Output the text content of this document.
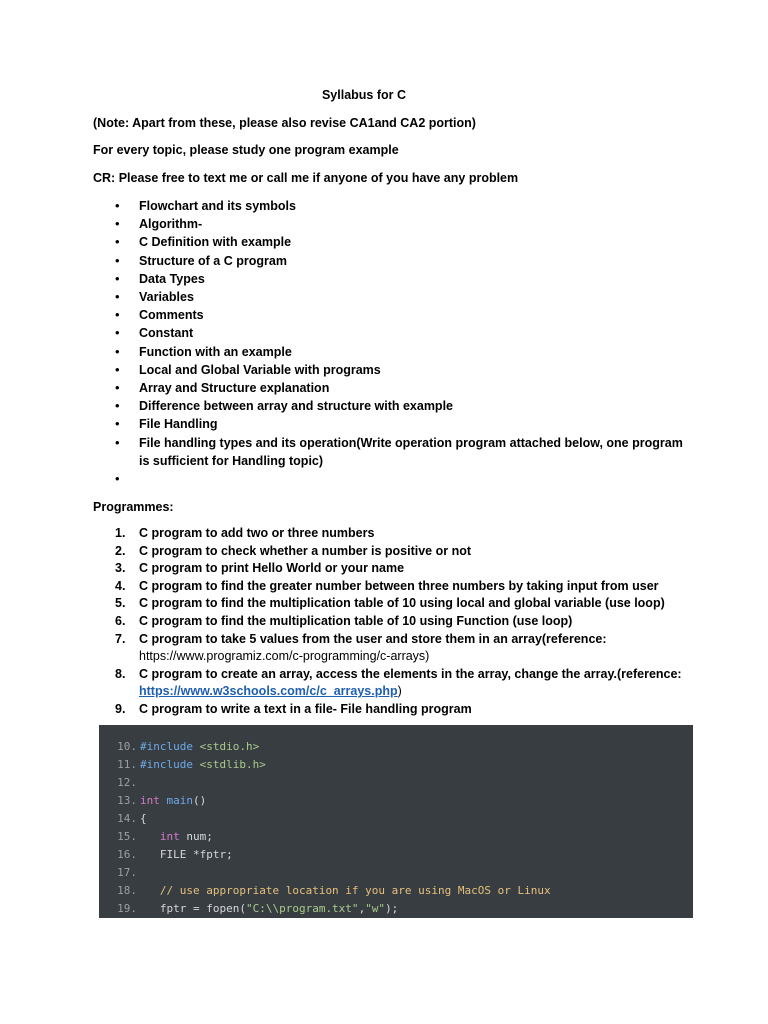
Syllabus for C
(Note: Apart from these, please also revise CA1and CA2 portion)
For every topic, please study one program example
CR: Please free to text me or call me if anyone of you have any problem
• Flowchart and its symbols
• Algorithm-
• C Definition with example
• Structure of a C program
• Data Types
• Variables
• Comments
• Constant
• Function with an example
• Local and Global Variable with programs
• Array and Structure explanation
• Difference between array and structure with example
• File Handling
• File handling types and its operation(Write operation program attached below, one program is sufficient for Handling topic)
•
Programmes:
1. C program to add two or three numbers
2. C program to check whether a number is positive or not
3. C program to print Hello World or your name
4. C program to find the greater number between three numbers by taking input from user
5. C program to find the multiplication table of 10 using local and global variable (use loop)
6. C program to find the multiplication table of 10 using Function (use loop)
7. C program to take 5 values from the user and store them in an array(reference:
https://www.programiz.com/c-programming/c-arrays)
8. C program to create an array, access the elements in the array, change the array.(reference:
https://www.w3schools.com/c/c_arrays.php)
9. C program to write a text in a file- File handling program
10. #include <stdio.h>
11. #include <stdlib.h>
12.
13. int main()
14. {
15. int num;
16.   FILE *fptr;
17.
18. // use appropriate location if you are using MacOS or Linux
19.   fptr = fopen("C:\\program.txt","w");
